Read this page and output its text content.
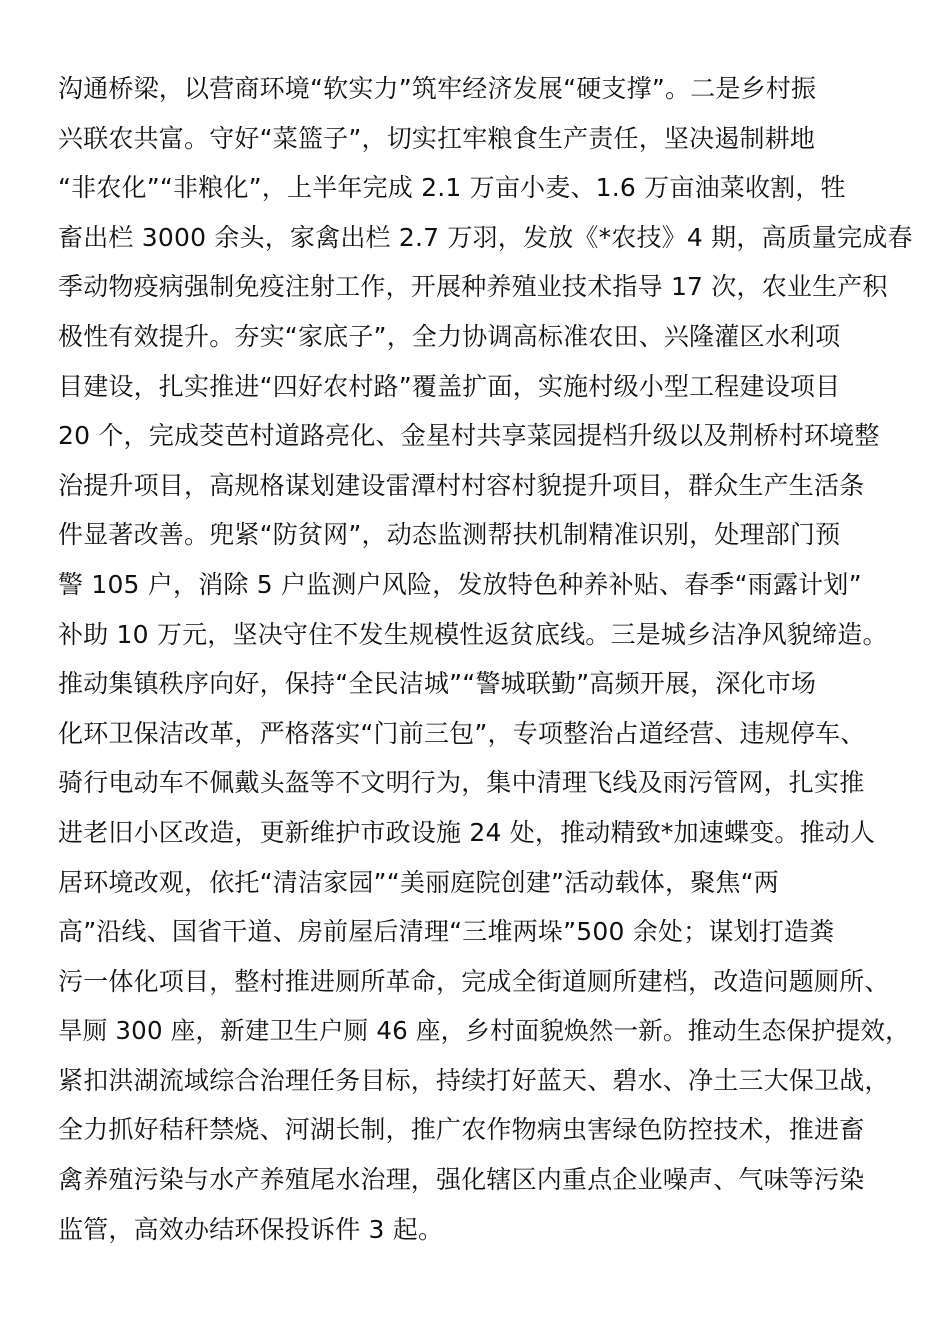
沟通桥梁，以营商环境“软实力”筑牢经济发展“硬支撑”。二是乡村振
兴联农共富。守好“菜篮子”，切实扛牢粮食生产责任，坚决遏制耕地
“非农化”“非粮化”，上半年完成 2.1 万亩小麦、1.6 万亩油菜收割，牲
畜出栏 3000 余头，家禽出栏 2.7 万羽，发放《*农技》4 期，高质量完成春
季动物疫病强制免疫注射工作，开展种养殖业技术指导 17 次，农业生产积
极性有效提升。夯实“家底子”，全力协调高标准农田、兴隆灌区水利项
目建设，扎实推进“四好农村路”覆盖扩面，实施村级小型工程建设项目
20 个，完成茭芭村道路亮化、金星村共享菜园提档升级以及荆桥村环境整
治提升项目，高规格谋划建设雷潭村村容村貌提升项目，群众生产生活条
件显著改善。兜紧“防贫网”，动态监测帮扶机制精准识别，处理部门预
警 105 户，消除 5 户监测户风险，发放特色种养补贴、春季“雨露计划”
补助 10 万元，坚决守住不发生规模性返贫底线。三是城乡洁净风貌缔造。
推动集镇秩序向好，保持“全民洁城”“警城联勤”高频开展，深化市场
化环卫保洁改革，严格落实“门前三包”，专项整治占道经营、违规停车、
骑行电动车不佩戴头盔等不文明行为，集中清理飞线及雨污管网，扎实推
进老旧小区改造，更新维护市政设施 24 处，推动精致*加速蝶变。推动人
居环境改观，依托“清洁家园”“美丽庭院创建”活动载体，聚焦“两
高”沿线、国省干道、房前屋后清理“三堆两垛”500 余处；谋划打造粪
污一体化项目，整村推进厕所革命，完成全街道厕所建档，改造问题厕所、
旱厕 300 座，新建卫生户厕 46 座，乡村面貌焕然一新。推动生态保护提效，
紧扣洪湖流域综合治理任务目标，持续打好蓝天、碧水、净土三大保卫战，
全力抓好秸秆禁烧、河湖长制，推广农作物病虫害绿色防控技术，推进畜
禽养殖污染与水产养殖尾水治理，强化辖区内重点企业噪声、气味等污染
监管，高效办结环保投诉件 3 起。
